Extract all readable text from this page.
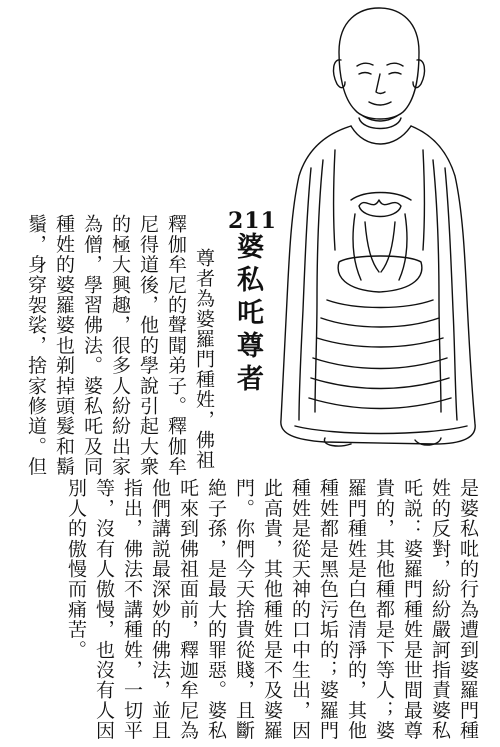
211
婆私吒尊者
尊者為婆羅門種姓，佛祖
釋伽牟尼的聲聞弟子。釋伽牟
尼得道後，他的學說引起大衆
的極大興趣，很多人紛紛出家
為僧，學習佛法。婆私吒及同
種姓的婆羅婆也剃掉頭髮和鬍
鬚，身穿袈裟，捨家修道。但
是婆私吡的行為遭到婆羅門種
姓的反對，紛紛嚴訶指責婆私
吒説：婆羅門種姓是世間最尊
貴的，其他種都是下等人；婆
羅門種姓是白色清淨的，其他
種姓都是黑色污垢的；婆羅門
種姓是從天神的口中生出，因
此高貴，其他種姓是不及婆羅
門。你們今天捨貴從賤，且斷
絶子孫，是最大的罪惡。婆私
吒來到佛祖面前，釋迦牟尼為
他們講説最深妙的佛法，並且
指出，佛法不講種姓，一切平
等，沒有人傲慢，也沒有人因
別人的傲慢而痛苦。
